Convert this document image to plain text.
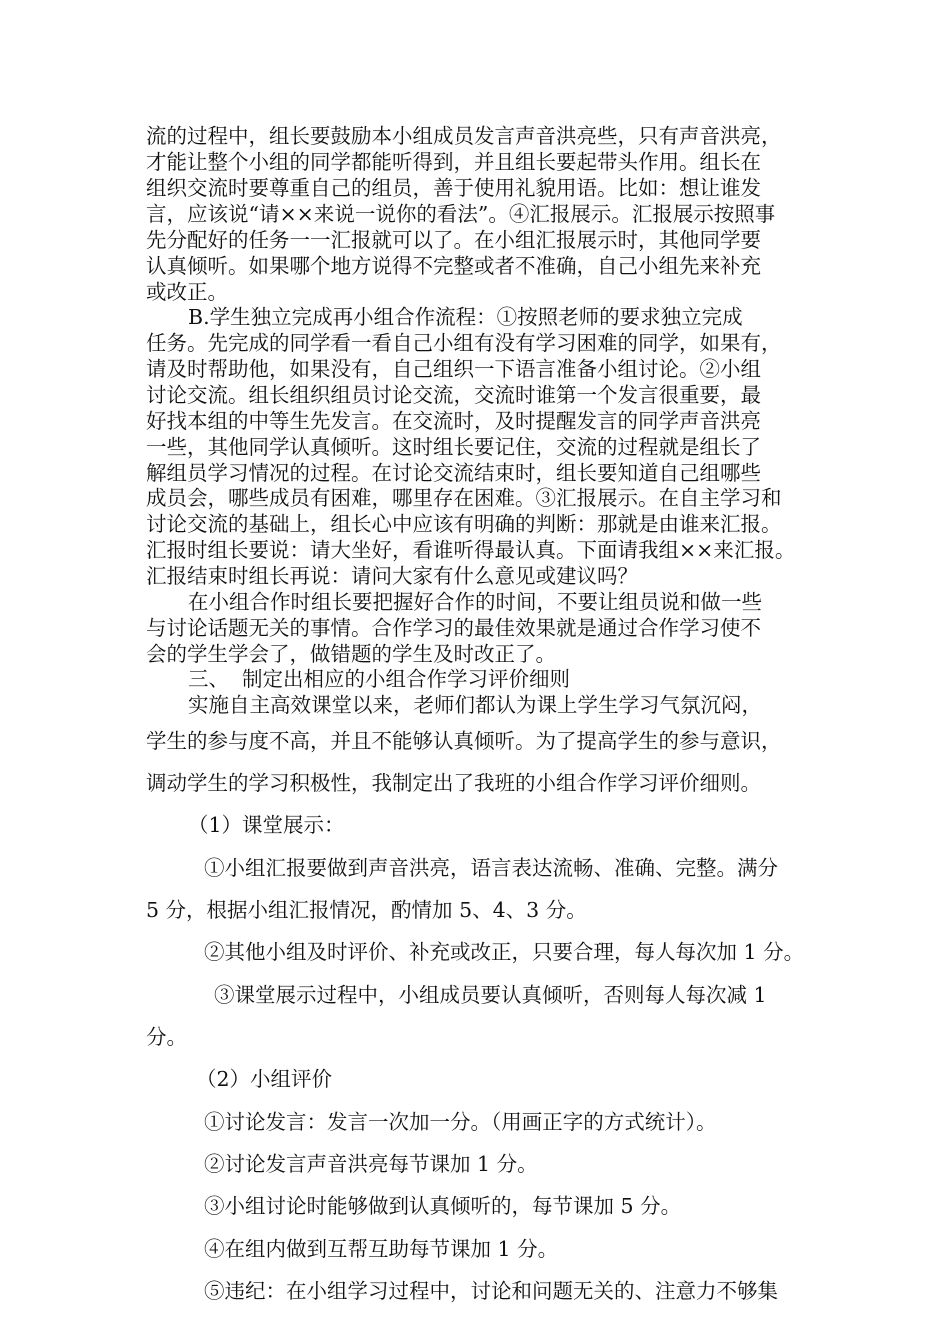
流的过程中，组长要鼓励本小组成员发言声音洪亮些，只有声音洪亮，
才能让整个小组的同学都能听得到，并且组长要起带头作用。组长在
组织交流时要尊重自己的组员，善于使用礼貌用语。比如：想让谁发
言，应该说“请××来说一说你的看法”。④汇报展示。汇报展示按照事
先分配好的任务一一汇报就可以了。在小组汇报展示时，其他同学要
认真倾听。如果哪个地方说得不完整或者不准确，自己小组先来补充
或改正。
B.学生独立完成再小组合作流程：①按照老师的要求独立完成
任务。先完成的同学看一看自己小组有没有学习困难的同学，如果有，
请及时帮助他，如果没有，自己组织一下语言准备小组讨论。②小组
讨论交流。组长组织组员讨论交流，交流时谁第一个发言很重要，最
好找本组的中等生先发言。在交流时，及时提醒发言的同学声音洪亮
一些，其他同学认真倾听。这时组长要记住，交流的过程就是组长了
解组员学习情况的过程。在讨论交流结束时，组长要知道自己组哪些
成员会，哪些成员有困难，哪里存在困难。③汇报展示。在自主学习和
讨论交流的基础上，组长心中应该有明确的判断：那就是由谁来汇报。
汇报时组长要说：请大坐好，看谁听得最认真。下面请我组××来汇报。
汇报结束时组长再说：请问大家有什么意见或建议吗？
在小组合作时组长要把握好合作的时间，不要让组员说和做一些
与讨论话题无关的事情。合作学习的最佳效果就是通过合作学习使不
会的学生学会了，做错题的学生及时改正了。
三、  制定出相应的小组合作学习评价细则
实施自主高效课堂以来，老师们都认为课上学生学习气氛沉闷，
学生的参与度不高，并且不能够认真倾听。为了提高学生的参与意识，
调动学生的学习积极性，我制定出了我班的小组合作学习评价细则。
（1）课堂展示：
①小组汇报要做到声音洪亮，语言表达流畅、准确、完整。满分
5 分，根据小组汇报情况，酌情加 5、4、3 分。
②其他小组及时评价、补充或改正，只要合理，每人每次加 1 分。
③课堂展示过程中，小组成员要认真倾听，否则每人每次减 1
分。
（2）小组评价
①讨论发言：发言一次加一分。（用画正字的方式统计）。
②讨论发言声音洪亮每节课加 1 分。
③小组讨论时能够做到认真倾听的，每节课加 5 分。
④在组内做到互帮互助每节课加 1 分。
⑤违纪：在小组学习过程中，讨论和问题无关的、注意力不够集
